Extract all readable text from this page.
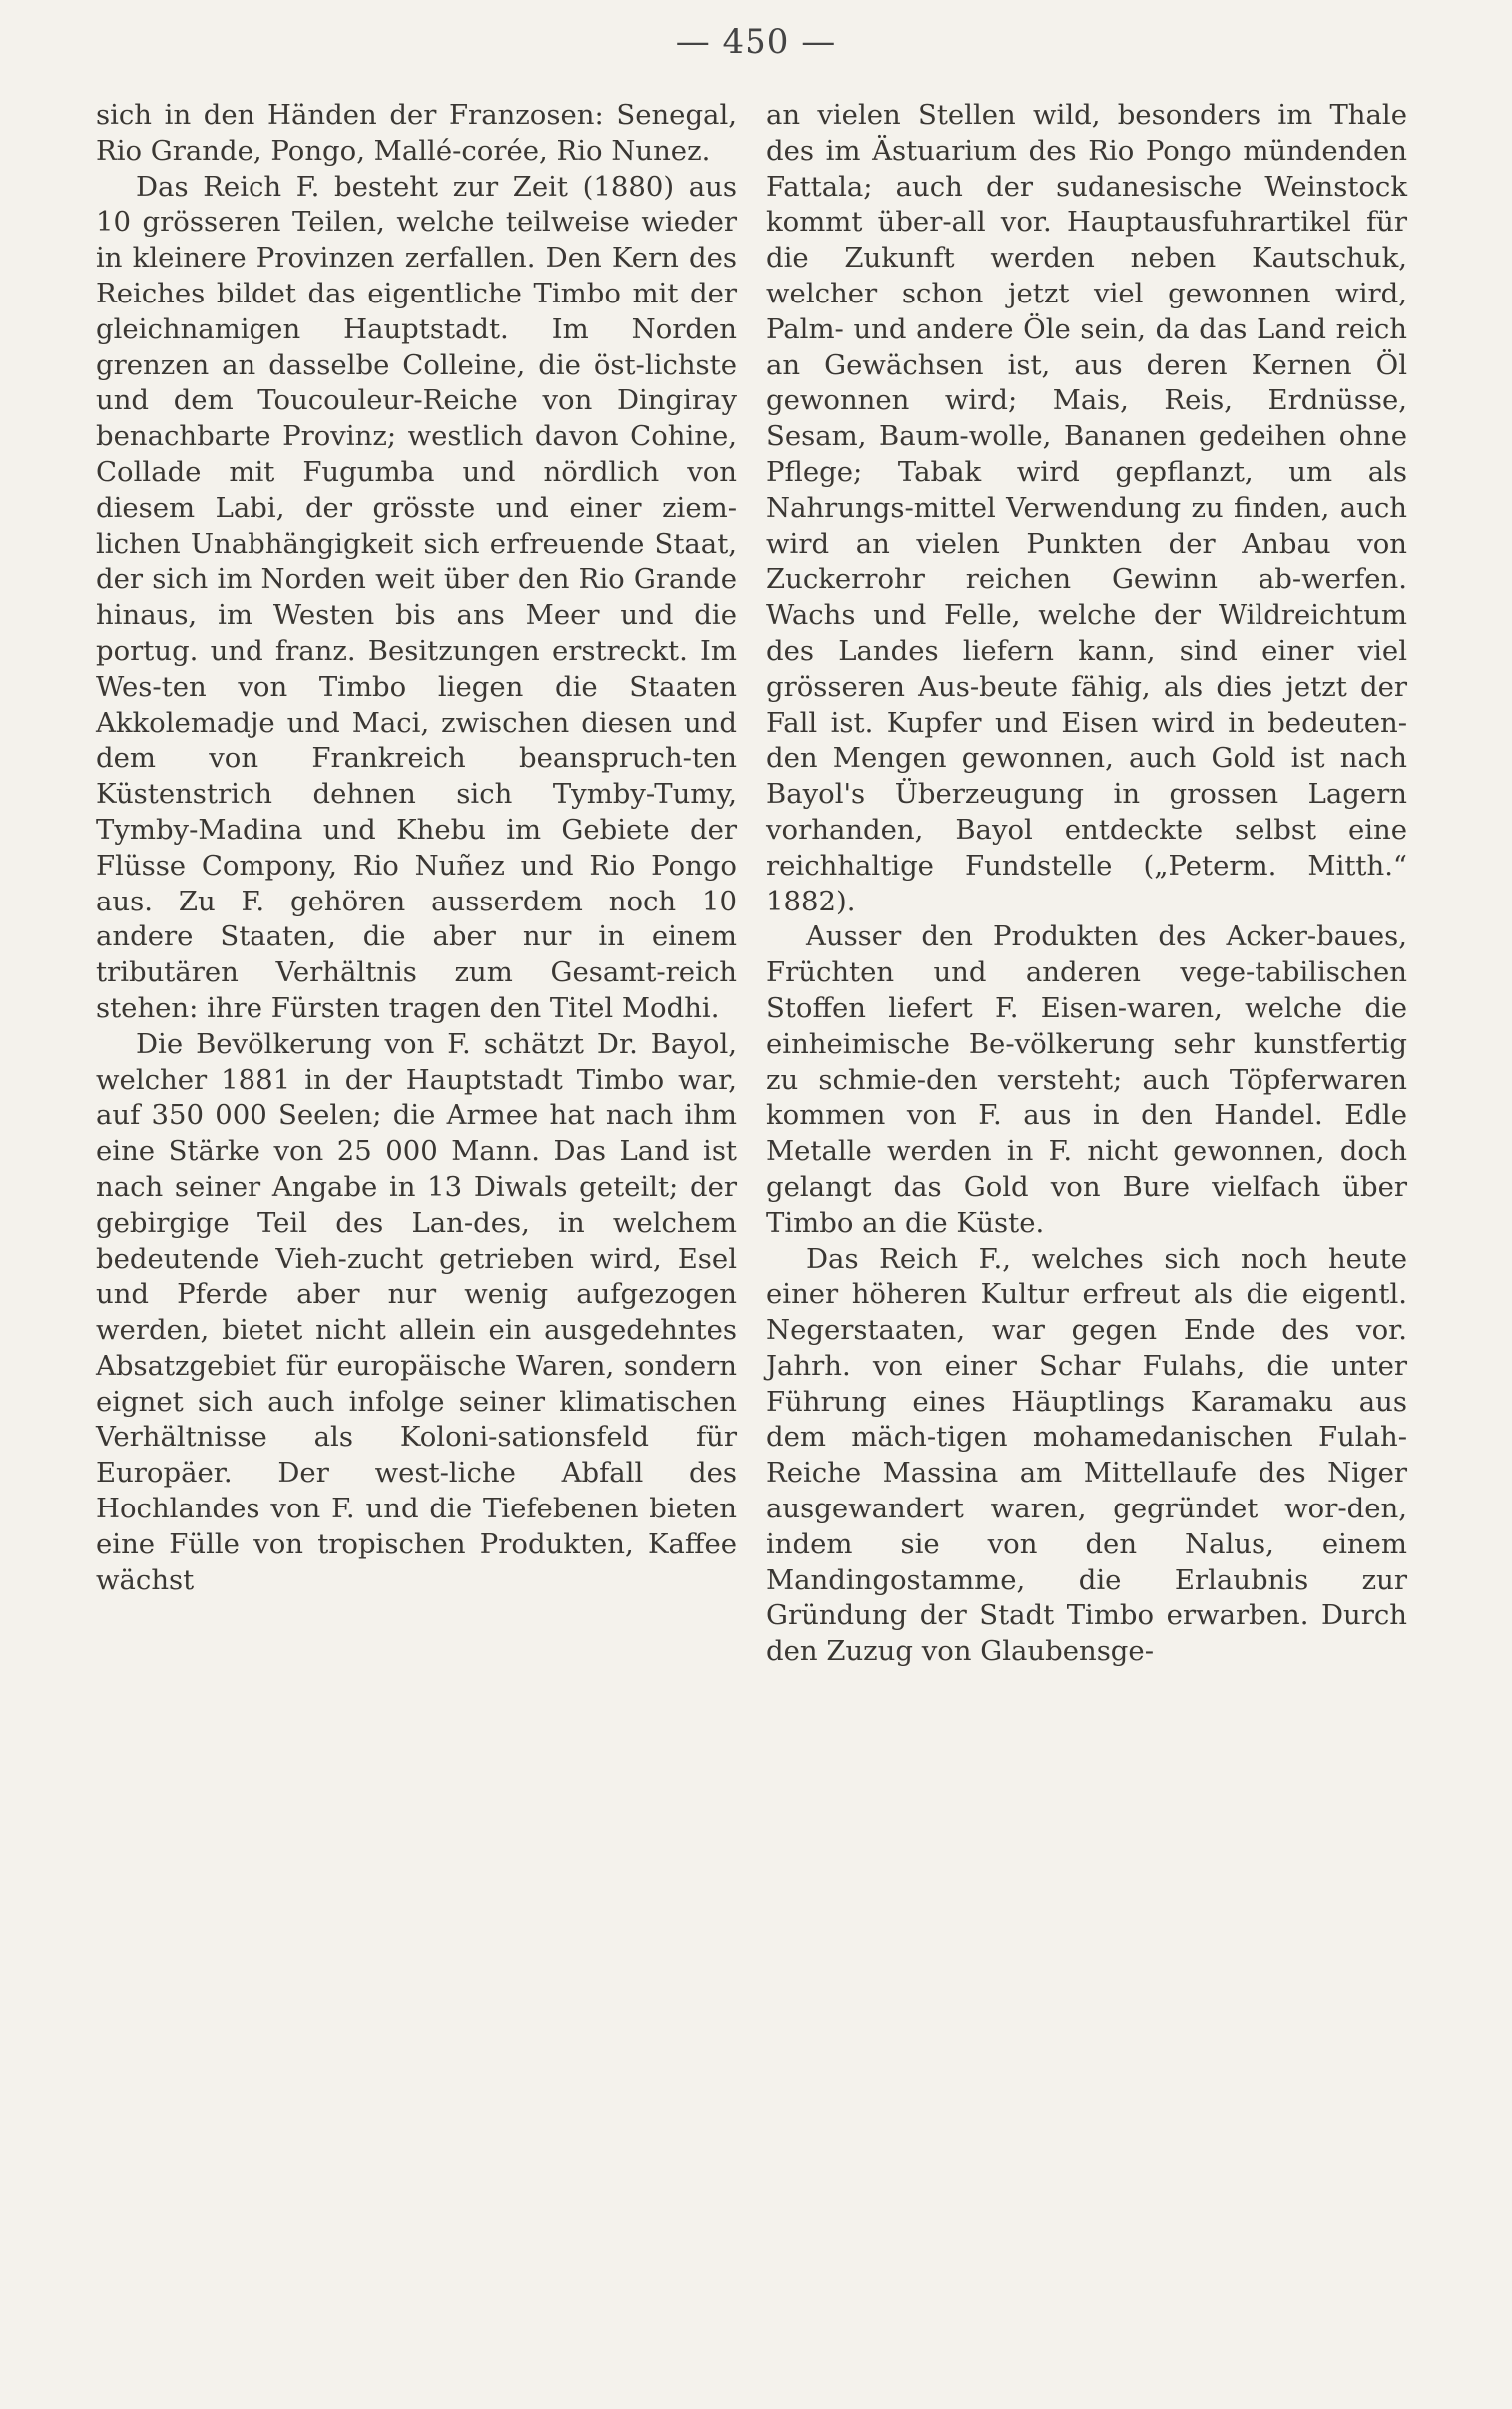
— 450 —

sich in den Händen der Franzosen: Senegal, Rio Grande, Pongo, Mallé-corée, Rio Nunez.

Das Reich F. besteht zur Zeit (1880) aus 10 grösseren Teilen, welche teilweise wieder in kleinere Provinzen zerfallen. Den Kern des Reiches bildet das eigentliche Timbo mit der gleichnamigen Hauptstadt. Im Norden grenzen an dasselbe Colleine, die öst-lichste und dem Toucouleur-Reiche von Dingiray benachbarte Provinz; westlich davon Cohine, Collade mit Fugumba und nördlich von diesem Labi, der grösste und einer ziem-lichen Unabhängigkeit sich erfreuende Staat, der sich im Norden weit über den Rio Grande hinaus, im Westen bis ans Meer und die portug. und franz. Besitzungen erstreckt. Im Wes-ten von Timbo liegen die Staaten Akkolemadje und Maci, zwischen diesen und dem von Frankreich beanspruch-ten Küstenstrich dehnen sich Tymby-Tumy, Tymby-Madina und Khebu im Gebiete der Flüsse Compony, Rio Nuñez und Rio Pongo aus. Zu F. gehören ausserdem noch 10 andere Staaten, die aber nur in einem tributären Verhältnis zum Gesamt-reich stehen: ihre Fürsten tragen den Titel Modhi.

Die Bevölkerung von F. schätzt Dr. Bayol, welcher 1881 in der Hauptstadt Timbo war, auf 350 000 Seelen; die Armee hat nach ihm eine Stärke von 25 000 Mann. Das Land ist nach seiner Angabe in 13 Diwals geteilt; der gebirgige Teil des Lan-des, in welchem bedeutende Vieh-zucht getrieben wird, Esel und Pferde aber nur wenig aufgezogen werden, bietet nicht allein ein ausgedehntes Absatzgebiet für europäische Waren, sondern eignet sich auch infolge seiner klimatischen Verhältnisse als Koloni-sationsfeld für Europäer. Der west-liche Abfall des Hochlandes von F. und die Tiefebenen bieten eine Fülle von tropischen Produkten, Kaffee wächst

an vielen Stellen wild, besonders im Thale des im Ästuarium des Rio Pongo mündenden Fattala; auch der sudanesische Weinstock kommt über-all vor. Hauptausfuhrartikel für die Zukunft werden neben Kautschuk, welcher schon jetzt viel gewonnen wird, Palm- und andere Öle sein, da das Land reich an Gewächsen ist, aus deren Kernen Öl gewonnen wird; Mais, Reis, Erdnüsse, Sesam, Baum-wolle, Bananen gedeihen ohne Pflege; Tabak wird gepflanzt, um als Nahrungs-mittel Verwendung zu finden, auch wird an vielen Punkten der Anbau von Zuckerrohr reichen Gewinn ab-werfen. Wachs und Felle, welche der Wildreichtum des Landes liefern kann, sind einer viel grösseren Aus-beute fähig, als dies jetzt der Fall ist. Kupfer und Eisen wird in bedeuten-den Mengen gewonnen, auch Gold ist nach Bayol's Überzeugung in grossen Lagern vorhanden, Bayol entdeckte selbst eine reichhaltige Fundstelle („Peterm. Mitth.“ 1882).

Ausser den Produkten des Acker-baues, Früchten und anderen vege-tabilischen Stoffen liefert F. Eisen-waren, welche die einheimische Be-völkerung sehr kunstfertig zu schmie-den versteht; auch Töpferwaren kommen von F. aus in den Handel. Edle Metalle werden in F. nicht gewonnen, doch gelangt das Gold von Bure vielfach über Timbo an die Küste.

Das Reich F., welches sich noch heute einer höheren Kultur erfreut als die eigentl. Negerstaaten, war gegen Ende des vor. Jahrh. von einer Schar Fulahs, die unter Führung eines Häuptlings Karamaku aus dem mäch-tigen mohamedanischen Fulah-Reiche Massina am Mittellaufe des Niger ausgewandert waren, gegründet wor-den, indem sie von den Nalus, einem Mandingostamme, die Erlaubnis zur Gründung der Stadt Timbo erwarben. Durch den Zuzug von Glaubensge-
